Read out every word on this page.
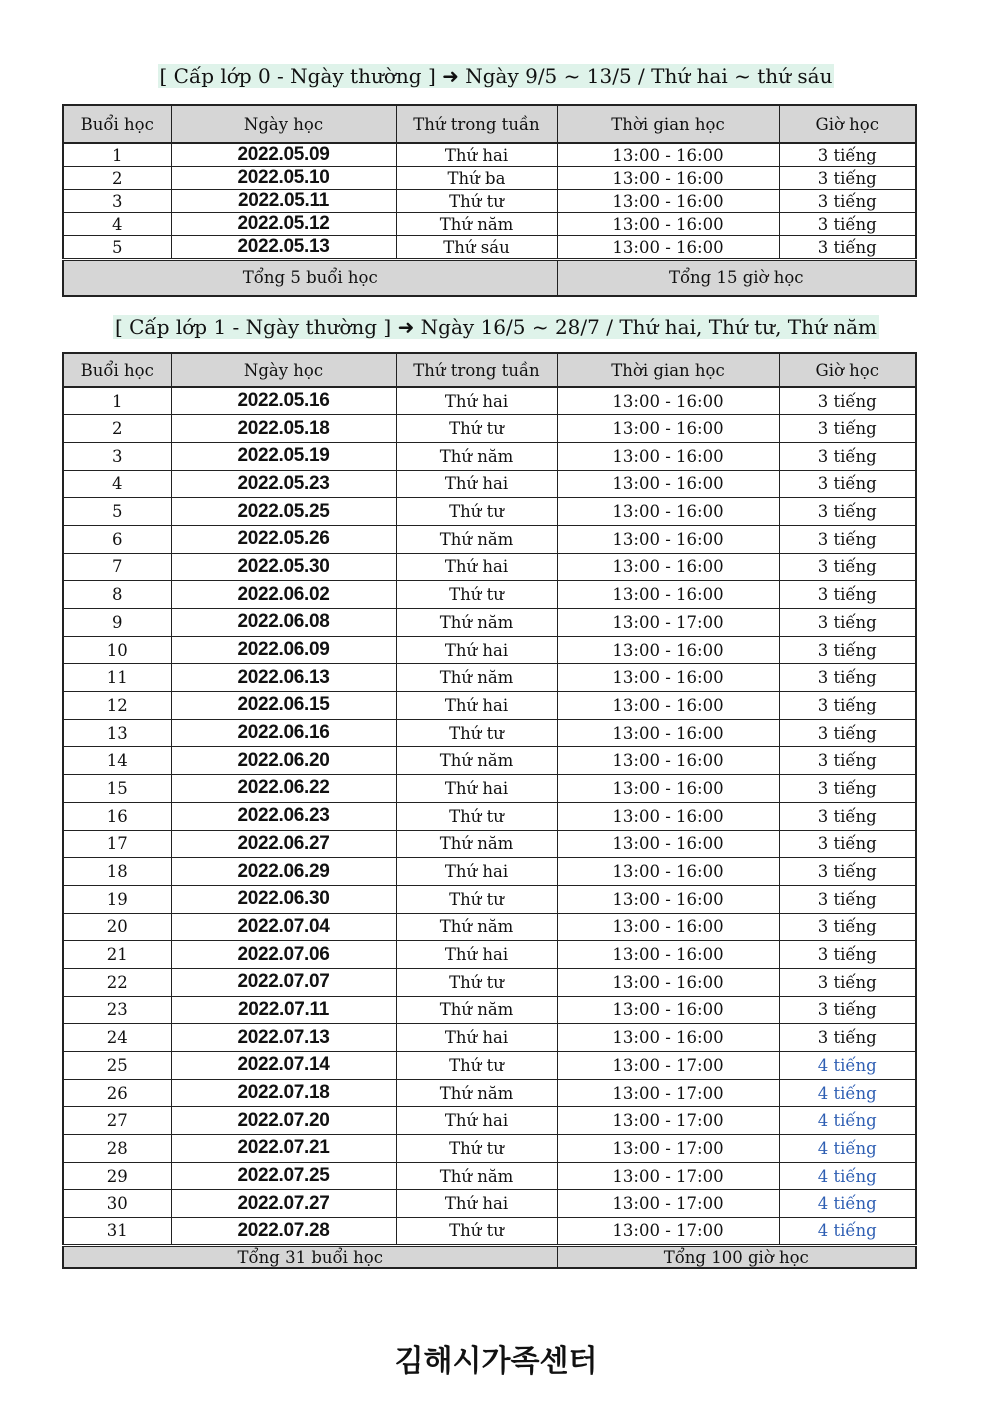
[ Cấp lớp 0 - Ngày thường ] ➜ Ngày 9/5 ~ 13/5 / Thứ hai ~ thứ sáu
Buổi học	Ngày học	Thứ trong tuần	Thời gian học	Giờ học
1	2022.05.09	Thứ hai	13:00 - 16:00	3 tiếng
2	2022.05.10	Thứ ba	13:00 - 16:00	3 tiếng
3	2022.05.11	Thứ tư	13:00 - 16:00	3 tiếng
4	2022.05.12	Thứ năm	13:00 - 16:00	3 tiếng
5	2022.05.13	Thứ sáu	13:00 - 16:00	3 tiếng
Tổng 5 buổi học			Tổng 15 giờ học	
[ Cấp lớp 1 - Ngày thường ] ➜ Ngày 16/5 ~ 28/7 / Thứ hai, Thứ tư, Thứ năm
Buổi học	Ngày học	Thứ trong tuần	Thời gian học	Giờ học
1	2022.05.16	Thứ hai	13:00 - 16:00	3 tiếng
2	2022.05.18	Thứ tư	13:00 - 16:00	3 tiếng
3	2022.05.19	Thứ năm	13:00 - 16:00	3 tiếng
4	2022.05.23	Thứ hai	13:00 - 16:00	3 tiếng
5	2022.05.25	Thứ tư	13:00 - 16:00	3 tiếng
6	2022.05.26	Thứ năm	13:00 - 16:00	3 tiếng
7	2022.05.30	Thứ hai	13:00 - 16:00	3 tiếng
8	2022.06.02	Thứ tư	13:00 - 16:00	3 tiếng
9	2022.06.08	Thứ năm	13:00 - 17:00	3 tiếng
10	2022.06.09	Thứ hai	13:00 - 16:00	3 tiếng
11	2022.06.13	Thứ năm	13:00 - 16:00	3 tiếng
12	2022.06.15	Thứ hai	13:00 - 16:00	3 tiếng
13	2022.06.16	Thứ tư	13:00 - 16:00	3 tiếng
14	2022.06.20	Thứ năm	13:00 - 16:00	3 tiếng
15	2022.06.22	Thứ hai	13:00 - 16:00	3 tiếng
16	2022.06.23	Thứ tư	13:00 - 16:00	3 tiếng
17	2022.06.27	Thứ năm	13:00 - 16:00	3 tiếng
18	2022.06.29	Thứ hai	13:00 - 16:00	3 tiếng
19	2022.06.30	Thứ tư	13:00 - 16:00	3 tiếng
20	2022.07.04	Thứ năm	13:00 - 16:00	3 tiếng
21	2022.07.06	Thứ hai	13:00 - 16:00	3 tiếng
22	2022.07.07	Thứ tư	13:00 - 16:00	3 tiếng
23	2022.07.11	Thứ năm	13:00 - 16:00	3 tiếng
24	2022.07.13	Thứ hai	13:00 - 16:00	3 tiếng
25	2022.07.14	Thứ tư	13:00 - 17:00	4 tiếng
26	2022.07.18	Thứ năm	13:00 - 17:00	4 tiếng
27	2022.07.20	Thứ hai	13:00 - 17:00	4 tiếng
28	2022.07.21	Thứ tư	13:00 - 17:00	4 tiếng
29	2022.07.25	Thứ năm	13:00 - 17:00	4 tiếng
30	2022.07.27	Thứ hai	13:00 - 17:00	4 tiếng
31	2022.07.28	Thứ tư	13:00 - 17:00	4 tiếng
Tổng 31 buổi học			Tổng 100 giờ học	
김해시가족센터
